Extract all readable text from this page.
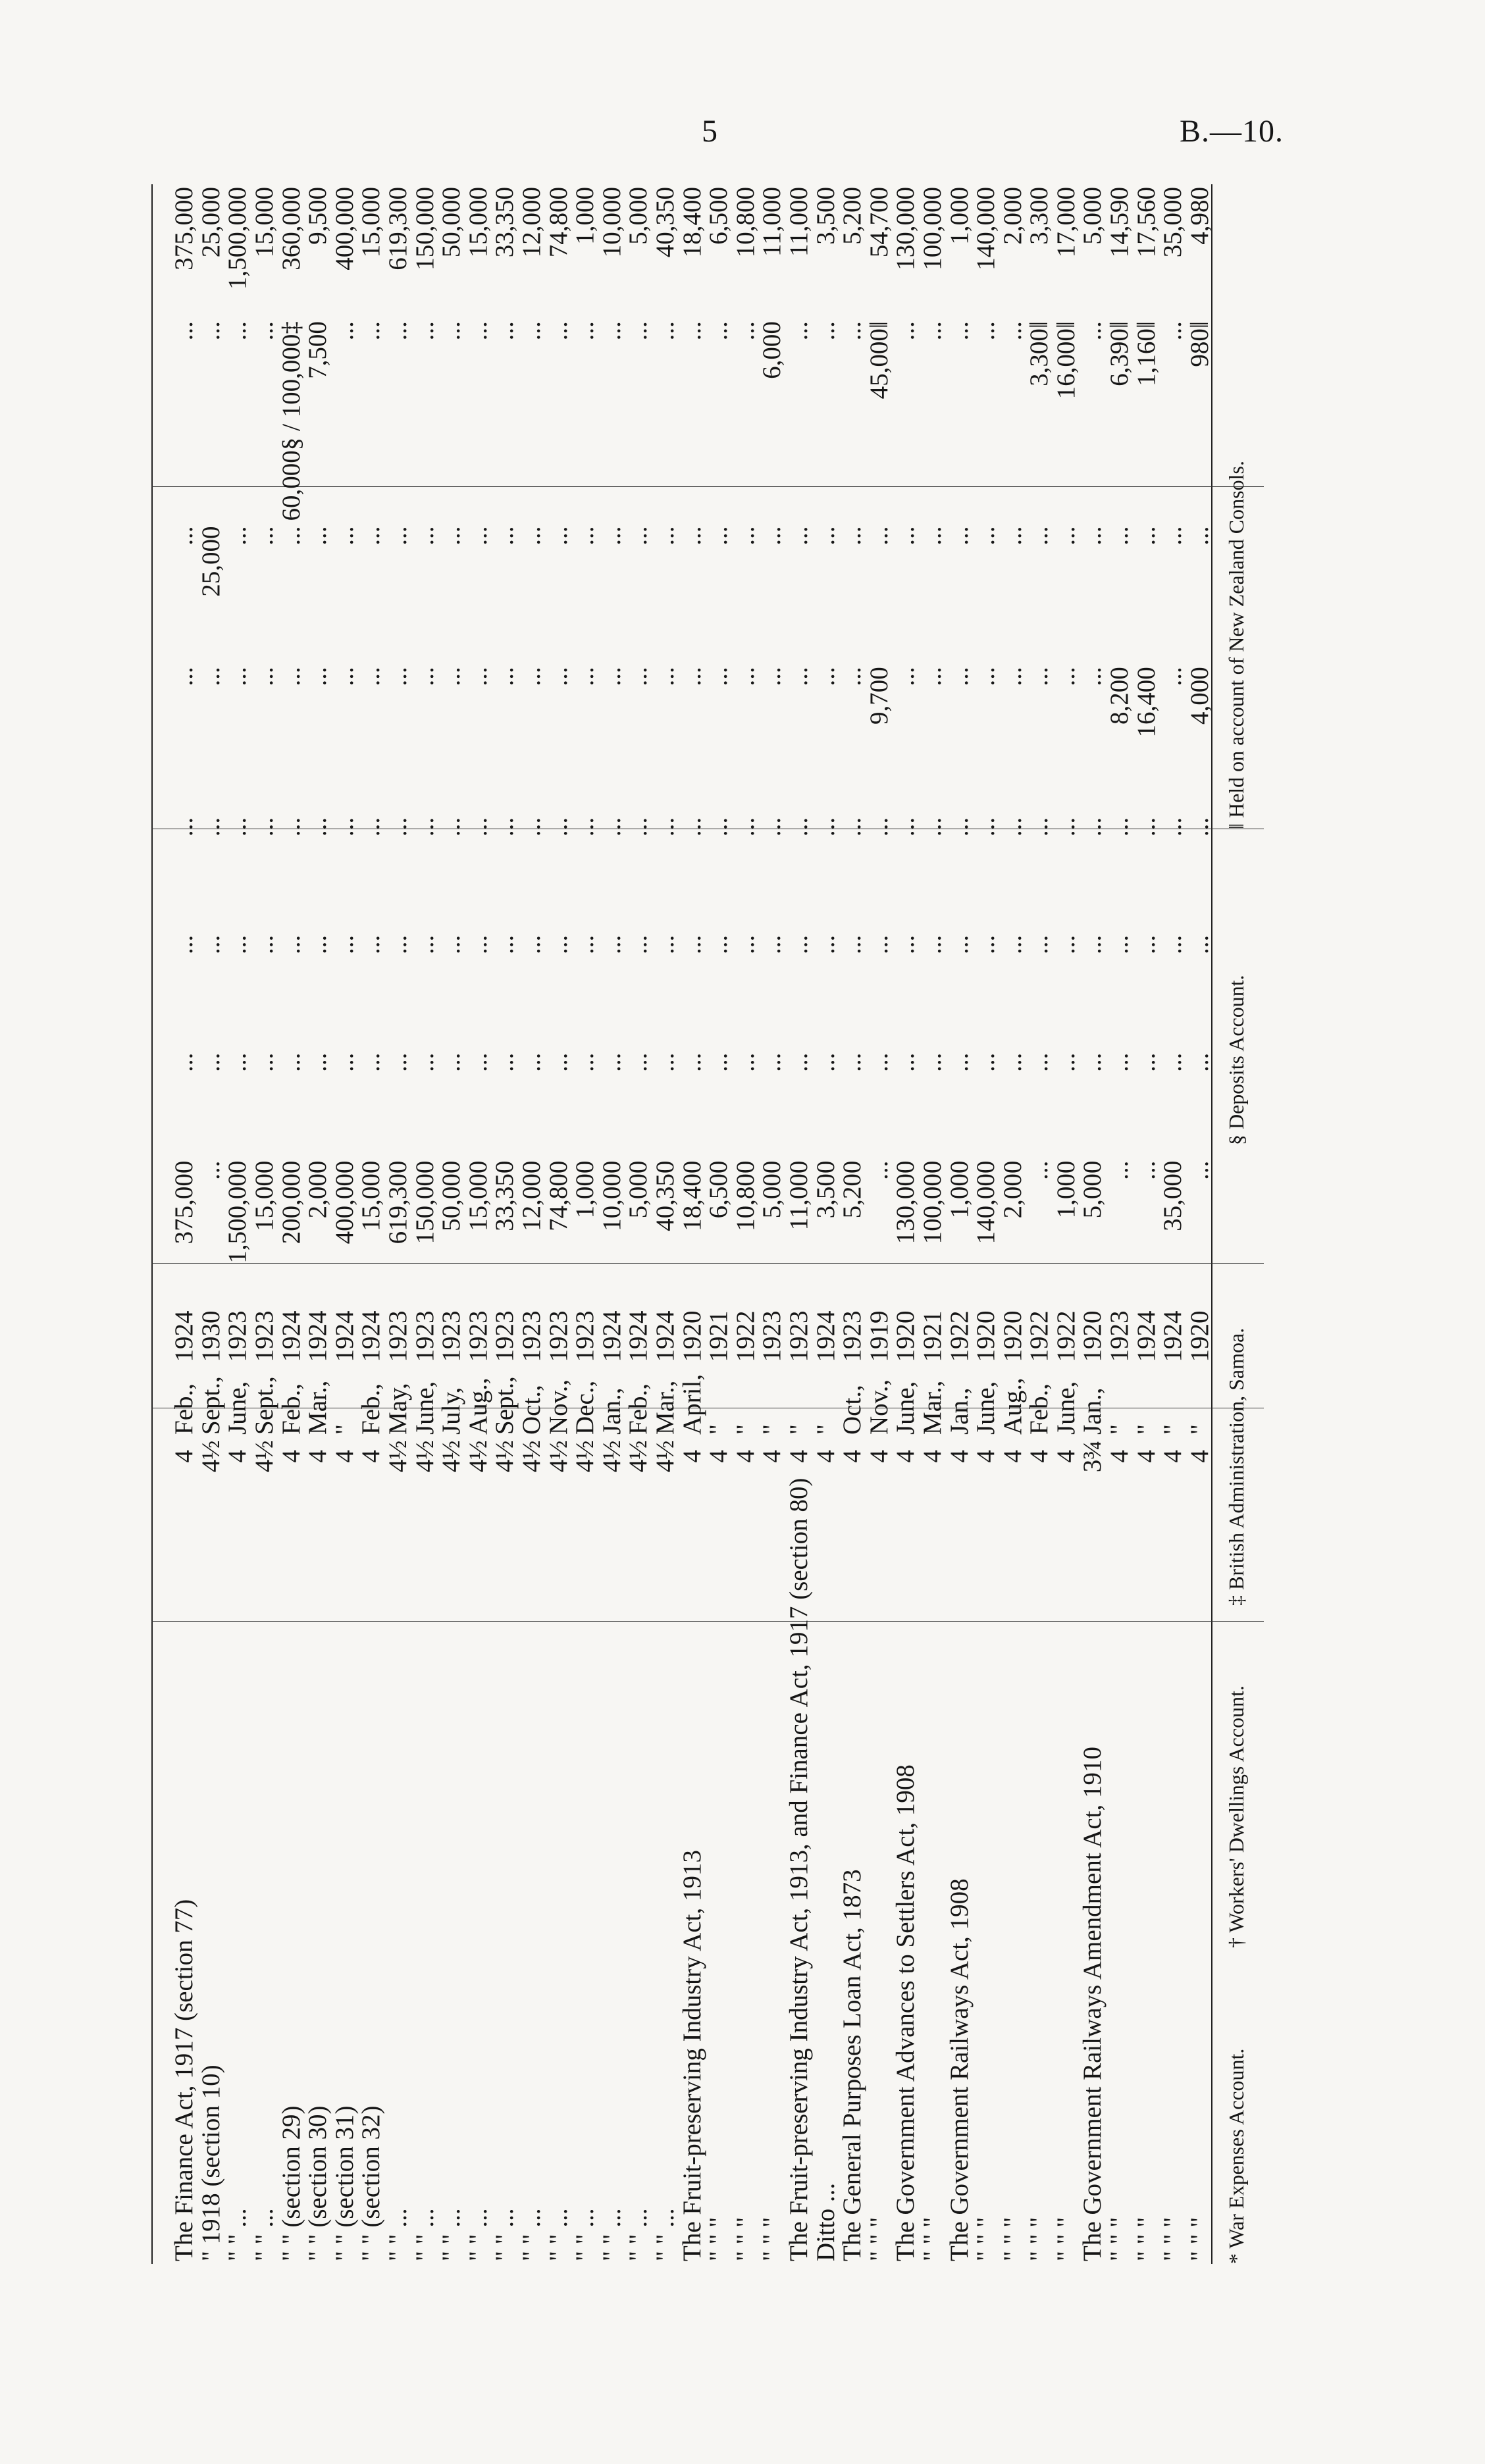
5	B.—10.
The Finance Act, 1917 (section 77)	4	Feb.,	1924	375,000	...	...	...	...	...	...	375,000
" 1918 (section 10)	4½	Sept.,	1930	...	...	...	...	...	25,000	...	25,000
" " ...	4	June,	1923	1,500,000	...	...	...	...	...	...	1,500,000
" " ...	4½	Sept.,	1923	15,000	...	...	...	...	...	...	15,000
" " (section 29)	4	Feb.,	1924	200,000	...	...	...	...	...	60,000§ / 100,000‡	360,000
" " (section 30)	4	Mar.,	1924	2,000	...	...	...	...	...	7,500	9,500
" " (section 31)	4	"	1924	400,000	...	...	...	...	...	...	400,000
" " (section 32)	4	Feb.,	1924	15,000	...	...	...	...	...	...	15,000
" " ...	4½	May,	1923	619,300	...	...	...	...	...	...	619,300
" " ...	4½	June,	1923	150,000	...	...	...	...	...	...	150,000
" " ...	4½	July,	1923	50,000	...	...	...	...	...	...	50,000
" " ...	4½	Aug.,	1923	15,000	...	...	...	...	...	...	15,000
" " ...	4½	Sept.,	1923	33,350	...	...	...	...	...	...	33,350
" " ...	4½	Oct.,	1923	12,000	...	...	...	...	...	...	12,000
" " ...	4½	Nov.,	1923	74,800	...	...	...	...	...	...	74,800
" " ...	4½	Dec.,	1923	1,000	...	...	...	...	...	...	1,000
" " ...	4½	Jan.,	1924	10,000	...	...	...	...	...	...	10,000
" " ...	4½	Feb.,	1924	5,000	...	...	...	...	...	...	5,000
" " ...	4½	Mar.,	1924	40,350	...	...	...	...	...	...	40,350
The Fruit-preserving Industry Act, 1913	4	April,	1920	18,400	...	...	...	...	...	...	18,400
" " "	4	"	1921	6,500	...	...	...	...	...	...	6,500
" " "	4	"	1922	10,800	...	...	...	...	...	...	10,800
" " "	4	"	1923	5,000	...	...	...	...	...	6,000	11,000
The Fruit-preserving Industry Act, 1913, and Finance Act, 1917 (section 80)	4	"	1923	11,000	...	...	...	...	...	...	11,000
Ditto ...	4	"	1924	3,500	...	...	...	...	...	...	3,500
The General Purposes Loan Act, 1873	4	Oct.,	1923	5,200	...	...	...	...	...	...	5,200
" " "	4	Nov.,	1919	...	...	...	...	9,700	...	45,000‖	54,700
The Government Advances to Settlers Act, 1908	4	June,	1920	130,000	...	...	...	...	...	...	130,000
" " "	4	Mar.,	1921	100,000	...	...	...	...	...	...	100,000
The Government Railways Act, 1908	4	Jan.,	1922	1,000	...	...	...	...	...	...	1,000
" " "	4	June,	1920	140,000	...	...	...	...	...	...	140,000
" " "	4	Aug.,	1920	2,000	...	...	...	...	...	...	2,000
" " "	4	Feb.,	1922	...	...	...	...	...	...	3,300‖	3,300
" " "	4	June,	1922	1,000	...	...	...	...	...	16,000‖	17,000
The Government Railways Amendment Act, 1910	3¾	Jan.,	1920	5,000	...	...	...	...	...	...	5,000
" " "	4	"	1923	...	...	...	...	8,200	...	6,390‖	14,590
" " "	4	"	1924	...	...	...	...	16,400	...	1,160‖	17,560
" " "	4	"	1924	35,000	...	...	...	...	...	...	35,000
" " "	4	"	1920	...	...	...	...	4,000	...	980‖	4,980
* War Expenses Account.
† Workers' Dwellings Account.
‡ British Administration, Samoa.
§ Deposits Account.
‖ Held on account of New Zealand Consols.
